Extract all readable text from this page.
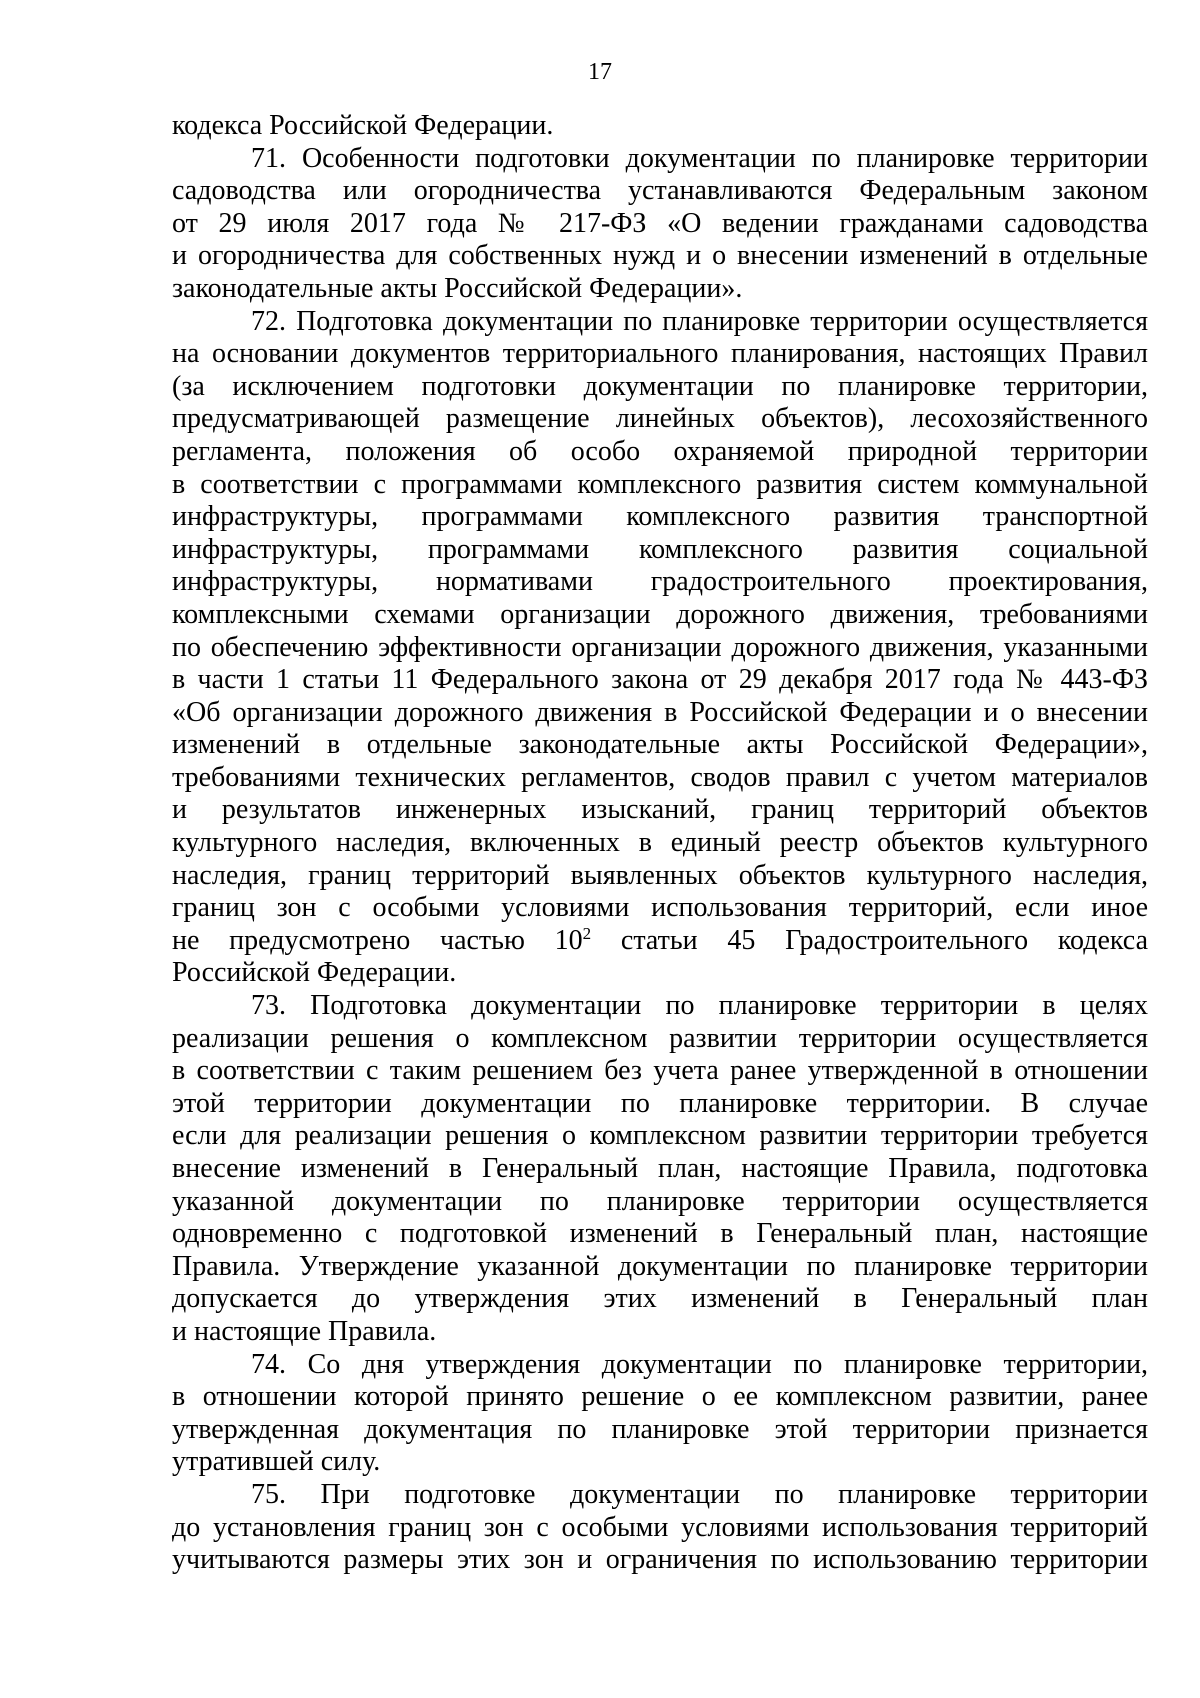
17
кодекса Российской Федерации.
71. Особенности подготовки документации по планировке территории
садоводства или огородничества устанавливаются Федеральным законом
от 29 июля 2017 года № 217-ФЗ «О ведении гражданами садоводства
и огородничества для собственных нужд и о внесении изменений в отдельные
законодательные акты Российской Федерации».
72. Подготовка документации по планировке территории осуществляется
на основании документов территориального планирования, настоящих Правил
(за исключением подготовки документации по планировке территории,
предусматривающей размещение линейных объектов), лесохозяйственного
регламента, положения об особо охраняемой природной территории
в соответствии с программами комплексного развития систем коммунальной
инфраструктуры, программами комплексного развития транспортной
инфраструктуры, программами комплексного развития социальной
инфраструктуры, нормативами градостроительного проектирования,
комплексными схемами организации дорожного движения, требованиями
по обеспечению эффективности организации дорожного движения, указанными
в части 1 статьи 11 Федерального закона от 29 декабря 2017 года № 443-ФЗ
«Об организации дорожного движения в Российской Федерации и о внесении
изменений в отдельные законодательные акты Российской Федерации»,
требованиями технических регламентов, сводов правил с учетом материалов
и результатов инженерных изысканий, границ территорий объектов
культурного наследия, включенных в единый реестр объектов культурного
наследия, границ территорий выявленных объектов культурного наследия,
границ зон с особыми условиями использования территорий, если иное
не предусмотрено частью $10^2$ статьи 45 Градостроительного кодекса
Российской Федерации.
73. Подготовка документации по планировке территории в целях
реализации решения о комплексном развитии территории осуществляется
в соответствии с таким решением без учета ранее утвержденной в отношении
этой территории документации по планировке территории. В случае
если для реализации решения о комплексном развитии территории требуется
внесение изменений в Генеральный план, настоящие Правила, подготовка
указанной документации по планировке территории осуществляется
одновременно с подготовкой изменений в Генеральный план, настоящие
Правила. Утверждение указанной документации по планировке территории
допускается до утверждения этих изменений в Генеральный план
и настоящие Правила.
74. Со дня утверждения документации по планировке территории,
в отношении которой принято решение о ее комплексном развитии, ранее
утвержденная документация по планировке этой территории признается
утратившей силу.
75. При подготовке документации по планировке территории
до установления границ зон с особыми условиями использования территорий
учитываются размеры этих зон и ограничения по использованию территории
